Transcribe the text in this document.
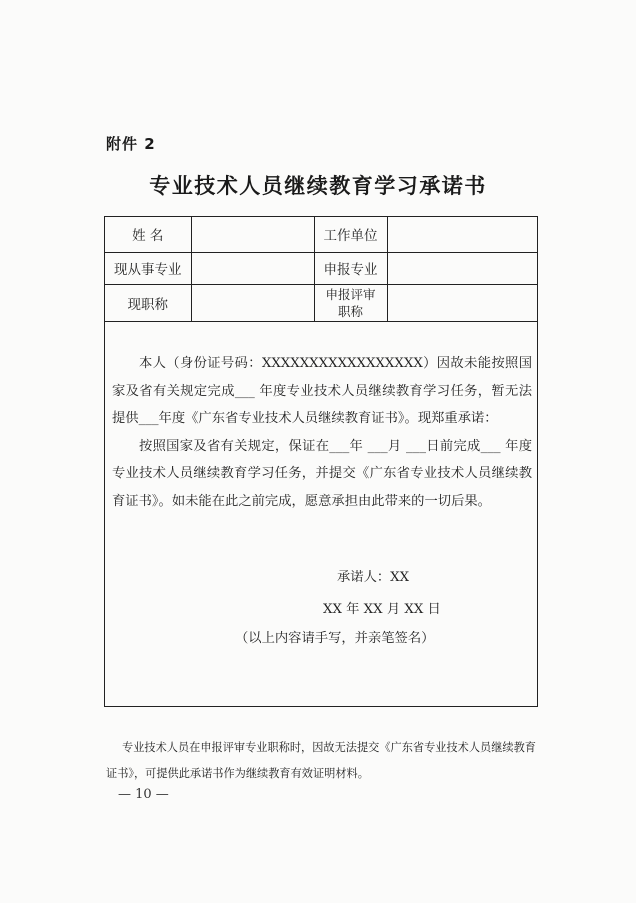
附件 2
专业技术人员继续教育学习承诺书
姓 名		工作单位	
现从事专业		申报专业	
现职称		申报评审
职称	

本人（身份证号码：XXXXXXXXXXXXXXXXX）因故未能按照国家及省有关规定完成___ 年度专业技术人员继续教育学习任务，暂无法提供___年度《广东省专业技术人员继续教育证书》。现郑重承诺：

按照国家及省有关规定，保证在___年 ___月 ___日前完成___ 年度专业技术人员继续教育学习任务，并提交《广东省专业技术人员继续教育证书》。如未能在此之前完成，愿意承担由此带来的一切后果。

承诺人：XX
XX 年 XX 月 XX 日
（以上内容请手写，并亲笔签名）

专业技术人员在申报评审专业职称时，因故无法提交《广东省专业技术人员继续教育证书》，可提供此承诺书作为继续教育有效证明材料。

— 10 —
